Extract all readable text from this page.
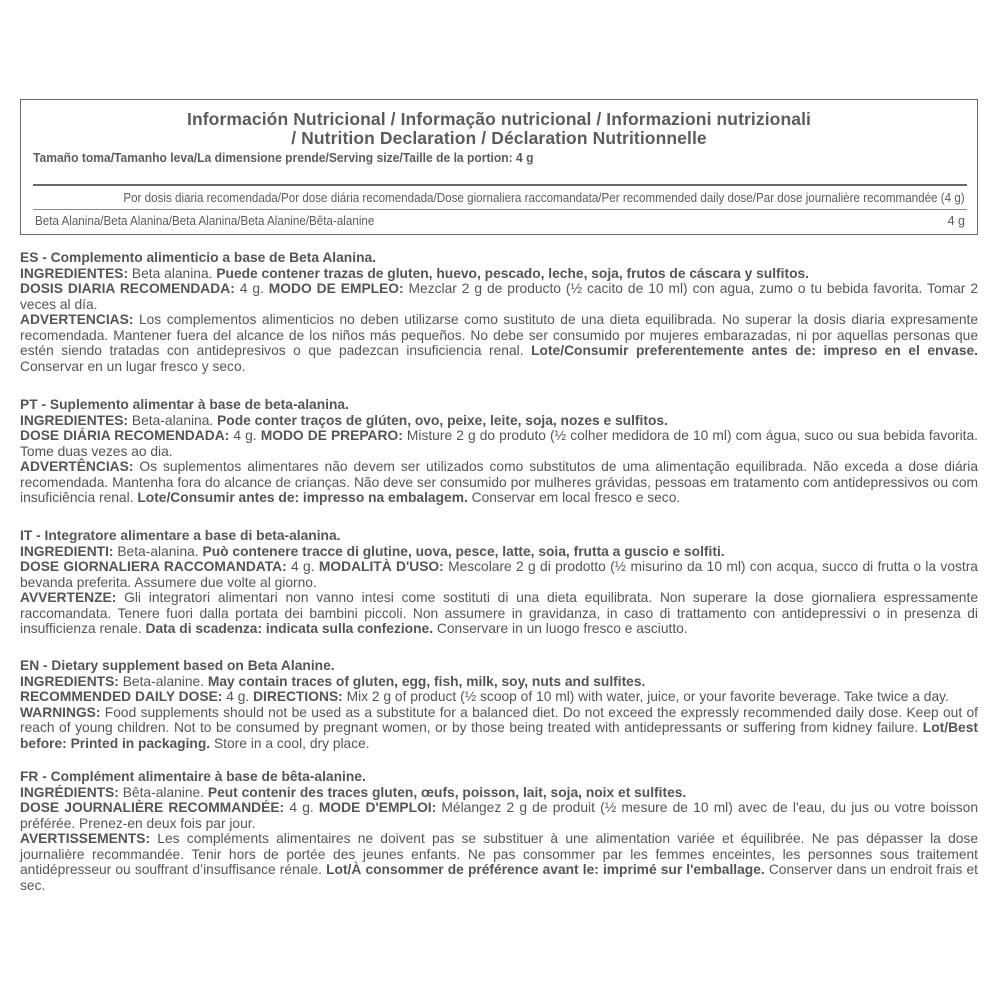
Información Nutricional / Informação nutricional / Informazioni nutrizionali
/ Nutrition Declaration / Déclaration Nutritionnelle
Tamaño toma/Tamanho leva/La dimensione prende/Serving size/Taille de la portion: 4 g
Por dosis diaria recomendada/Por dose diária recomendada/Dose giornaliera raccomandata/Per recommended daily dose/Par dose journalière recommandée (4 g)
Beta Alanina/Beta Alanina/Beta Alanina/Beta Alanine/Bêta-alanine	4 g

ES - Complemento alimenticio a base de Beta Alanina.

INGREDIENTES: Beta alanina. Puede contener trazas de gluten, huevo, pescado, leche, soja, frutos de cáscara y sulfitos.

DOSIS DIARIA RECOMENDADA: 4 g. MODO DE EMPLEO: Mezclar 2 g de producto (½ cacito de 10 ml) con agua, zumo o tu bebida favorita. Tomar 2 veces al día.

ADVERTENCIAS: Los complementos alimenticios no deben utilizarse como sustituto de una dieta equilibrada. No superar la dosis diaria expresamente recomendada. Mantener fuera del alcance de los niños más pequeños. No debe ser consumido por mujeres embarazadas, ni por aquellas personas que estén siendo tratadas con antidepresivos o que padezcan insuficiencia renal. Lote/Consumir preferentemente antes de: impreso en el envase. Conservar en un lugar fresco y seco.

PT - Suplemento alimentar à base de beta-alanina.

INGREDIENTES: Beta-alanina. Pode conter traços de glúten, ovo, peixe, leite, soja, nozes e sulfitos.

DOSE DIÁRIA RECOMENDADA: 4 g. MODO DE PREPARO: Misture 2 g do produto (½ colher medidora de 10 ml) com água, suco ou sua bebida favorita. Tome duas vezes ao dia.

ADVERTÊNCIAS: Os suplementos alimentares não devem ser utilizados como substitutos de uma alimentação equilibrada. Não exceda a dose diária recomendada. Mantenha fora do alcance de crianças. Não deve ser consumido por mulheres grávidas, pessoas em tratamento com antidepressivos ou com insuficiência renal. Lote/Consumir antes de: impresso na embalagem. Conservar em local fresco e seco.

IT - Integratore alimentare a base di beta-alanina.

INGREDIENTI: Beta-alanina. Può contenere tracce di glutine, uova, pesce, latte, soia, frutta a guscio e solfiti.

DOSE GIORNALIERA RACCOMANDATA: 4 g. MODALITÀ D'USO: Mescolare 2 g di prodotto (½ misurino da 10 ml) con acqua, succo di frutta o la vostra bevanda preferita. Assumere due volte al giorno.

AVVERTENZE: Gli integratori alimentari non vanno intesi come sostituti di una dieta equilibrata. Non superare la dose giornaliera espressamente raccomandata. Tenere fuori dalla portata dei bambini piccoli. Non assumere in gravidanza, in caso di trattamento con antidepressivi o in presenza di insufficienza renale. Data di scadenza: indicata sulla confezione. Conservare in un luogo fresco e asciutto.

EN - Dietary supplement based on Beta Alanine.

INGREDIENTS: Beta-alanine. May contain traces of gluten, egg, fish, milk, soy, nuts and sulfites.

RECOMMENDED DAILY DOSE: 4 g. DIRECTIONS: Mix 2 g of product (½ scoop of 10 ml) with water, juice, or your favorite beverage. Take twice a day.

WARNINGS: Food supplements should not be used as a substitute for a balanced diet. Do not exceed the expressly recommended daily dose. Keep out of reach of young children. Not to be consumed by pregnant women, or by those being treated with antidepressants or suffering from kidney failure. Lot/Best before: Printed in packaging. Store in a cool, dry place.

FR - Complément alimentaire à base de bêta-alanine.

INGRÉDIENTS: Bêta-alanine. Peut contenir des traces gluten, œufs, poisson, lait, soja, noix et sulfites.

DOSE JOURNALIÈRE RECOMMANDÉE: 4 g. MODE D'EMPLOI: Mélangez 2 g de produit (½ mesure de 10 ml) avec de l'eau, du jus ou votre boisson préférée. Prenez-en deux fois par jour.

AVERTISSEMENTS: Les compléments alimentaires ne doivent pas se substituer à une alimentation variée et équilibrée. Ne pas dépasser la dose journalière recommandée. Tenir hors de portée des jeunes enfants. Ne pas consommer par les femmes enceintes, les personnes sous traitement antidépresseur ou souffrant d’insuffisance rénale. Lot/À consommer de préférence avant le: imprimé sur l'emballage. Conserver dans un endroit frais et sec.
